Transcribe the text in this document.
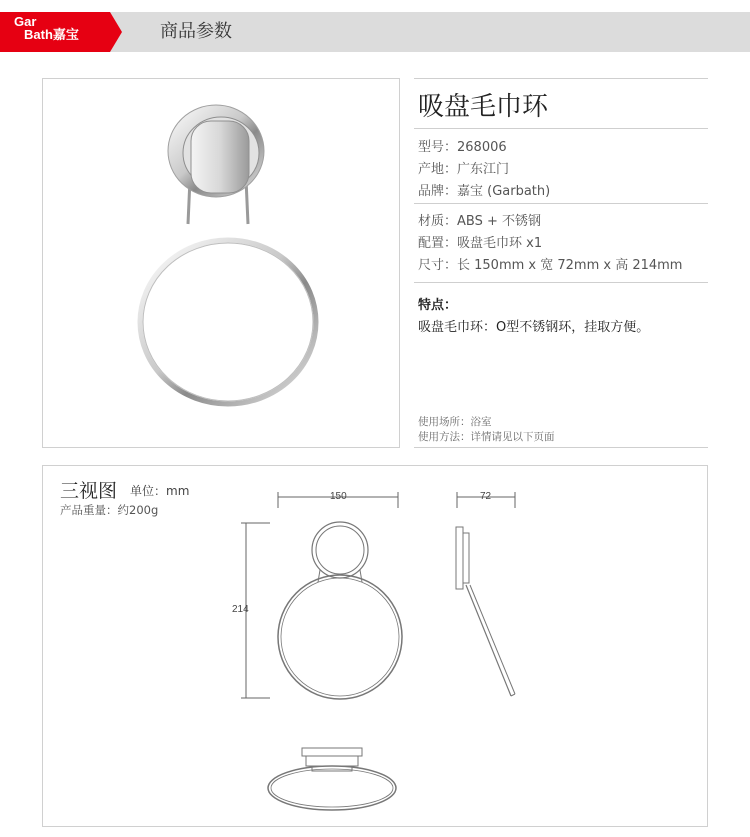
Gar
Bath嘉宝	商品参数
吸盘毛巾环
型号：268006
产地：广东江门
品牌：嘉宝 (Garbath)
材质：ABS + 不锈钢
配置：吸盘毛巾环 x1
尺寸：长 150mm x 宽 72mm x 高 214mm
特点：
吸盘毛巾环：O型不锈钢环，挂取方便。
使用场所：浴室
使用方法：详情请见以下页面
三视图 单位：mm
产品重量：约200g
150	72
214
